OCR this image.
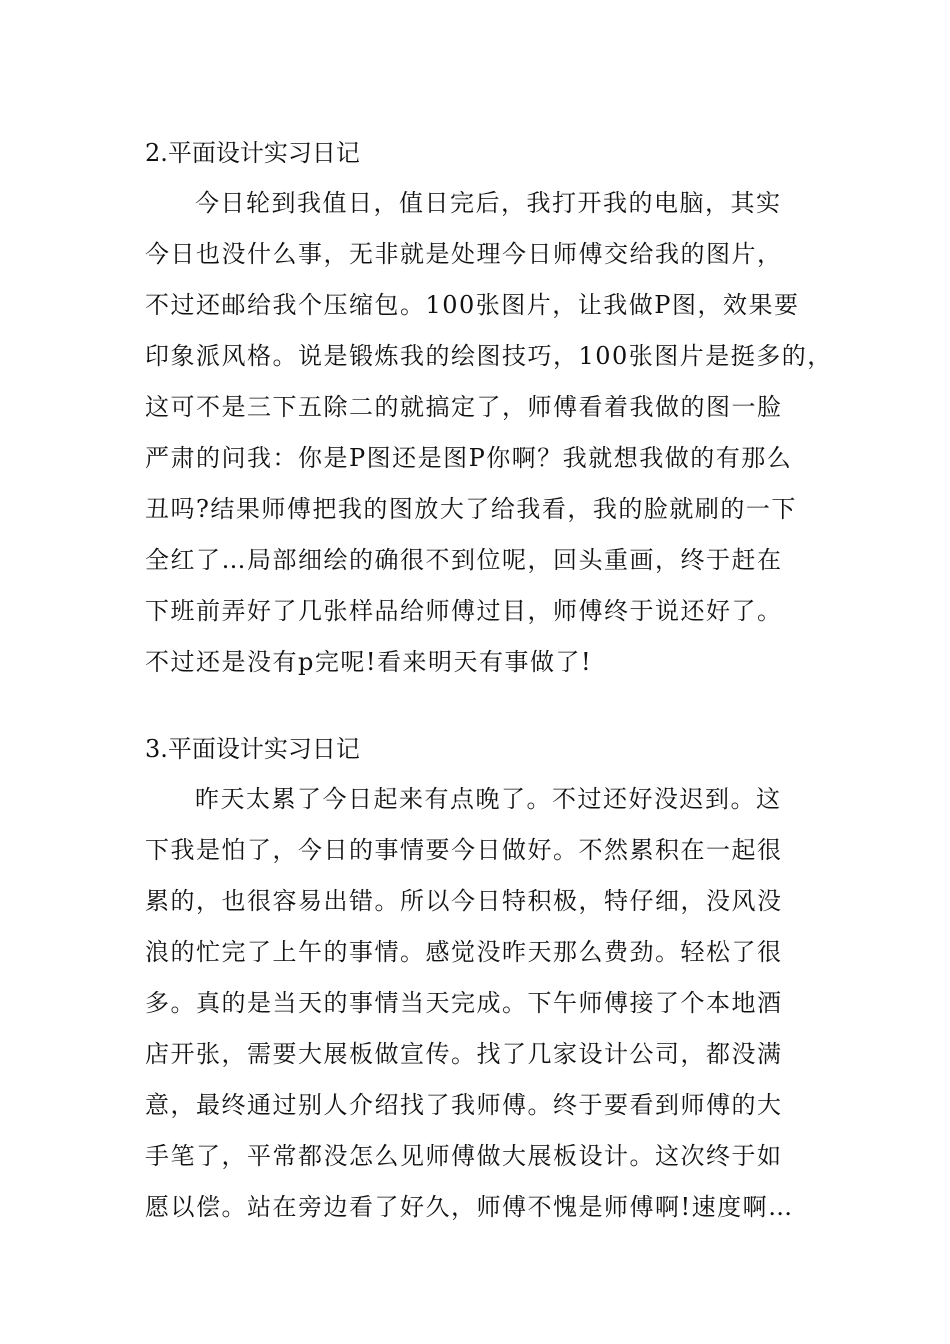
2.平面设计实习日记
今日轮到我值日，值日完后，我打开我的电脑，其实
今日也没什么事，无非就是处理今日师傅交给我的图片，
不过还邮给我个压缩包。100张图片，让我做P图，效果要
印象派风格。说是锻炼我的绘图技巧，100张图片是挺多的，
这可不是三下五除二的就搞定了，师傅看着我做的图一脸
严肃的问我：你是P图还是图P你啊？我就想我做的有那么
丑吗?结果师傅把我的图放大了给我看，我的脸就刷的一下
全红了…局部细绘的确很不到位呢，回头重画，终于赶在
下班前弄好了几张样品给师傅过目，师傅终于说还好了。
不过还是没有p完呢!看来明天有事做了!
3.平面设计实习日记
昨天太累了今日起来有点晚了。不过还好没迟到。这
下我是怕了，今日的事情要今日做好。不然累积在一起很
累的，也很容易出错。所以今日特积极，特仔细，没风没
浪的忙完了上午的事情。感觉没昨天那么费劲。轻松了很
多。真的是当天的事情当天完成。下午师傅接了个本地酒
店开张，需要大展板做宣传。找了几家设计公司，都没满
意，最终通过别人介绍找了我师傅。终于要看到师傅的大
手笔了，平常都没怎么见师傅做大展板设计。这次终于如
愿以偿。站在旁边看了好久，师傅不愧是师傅啊!速度啊…
